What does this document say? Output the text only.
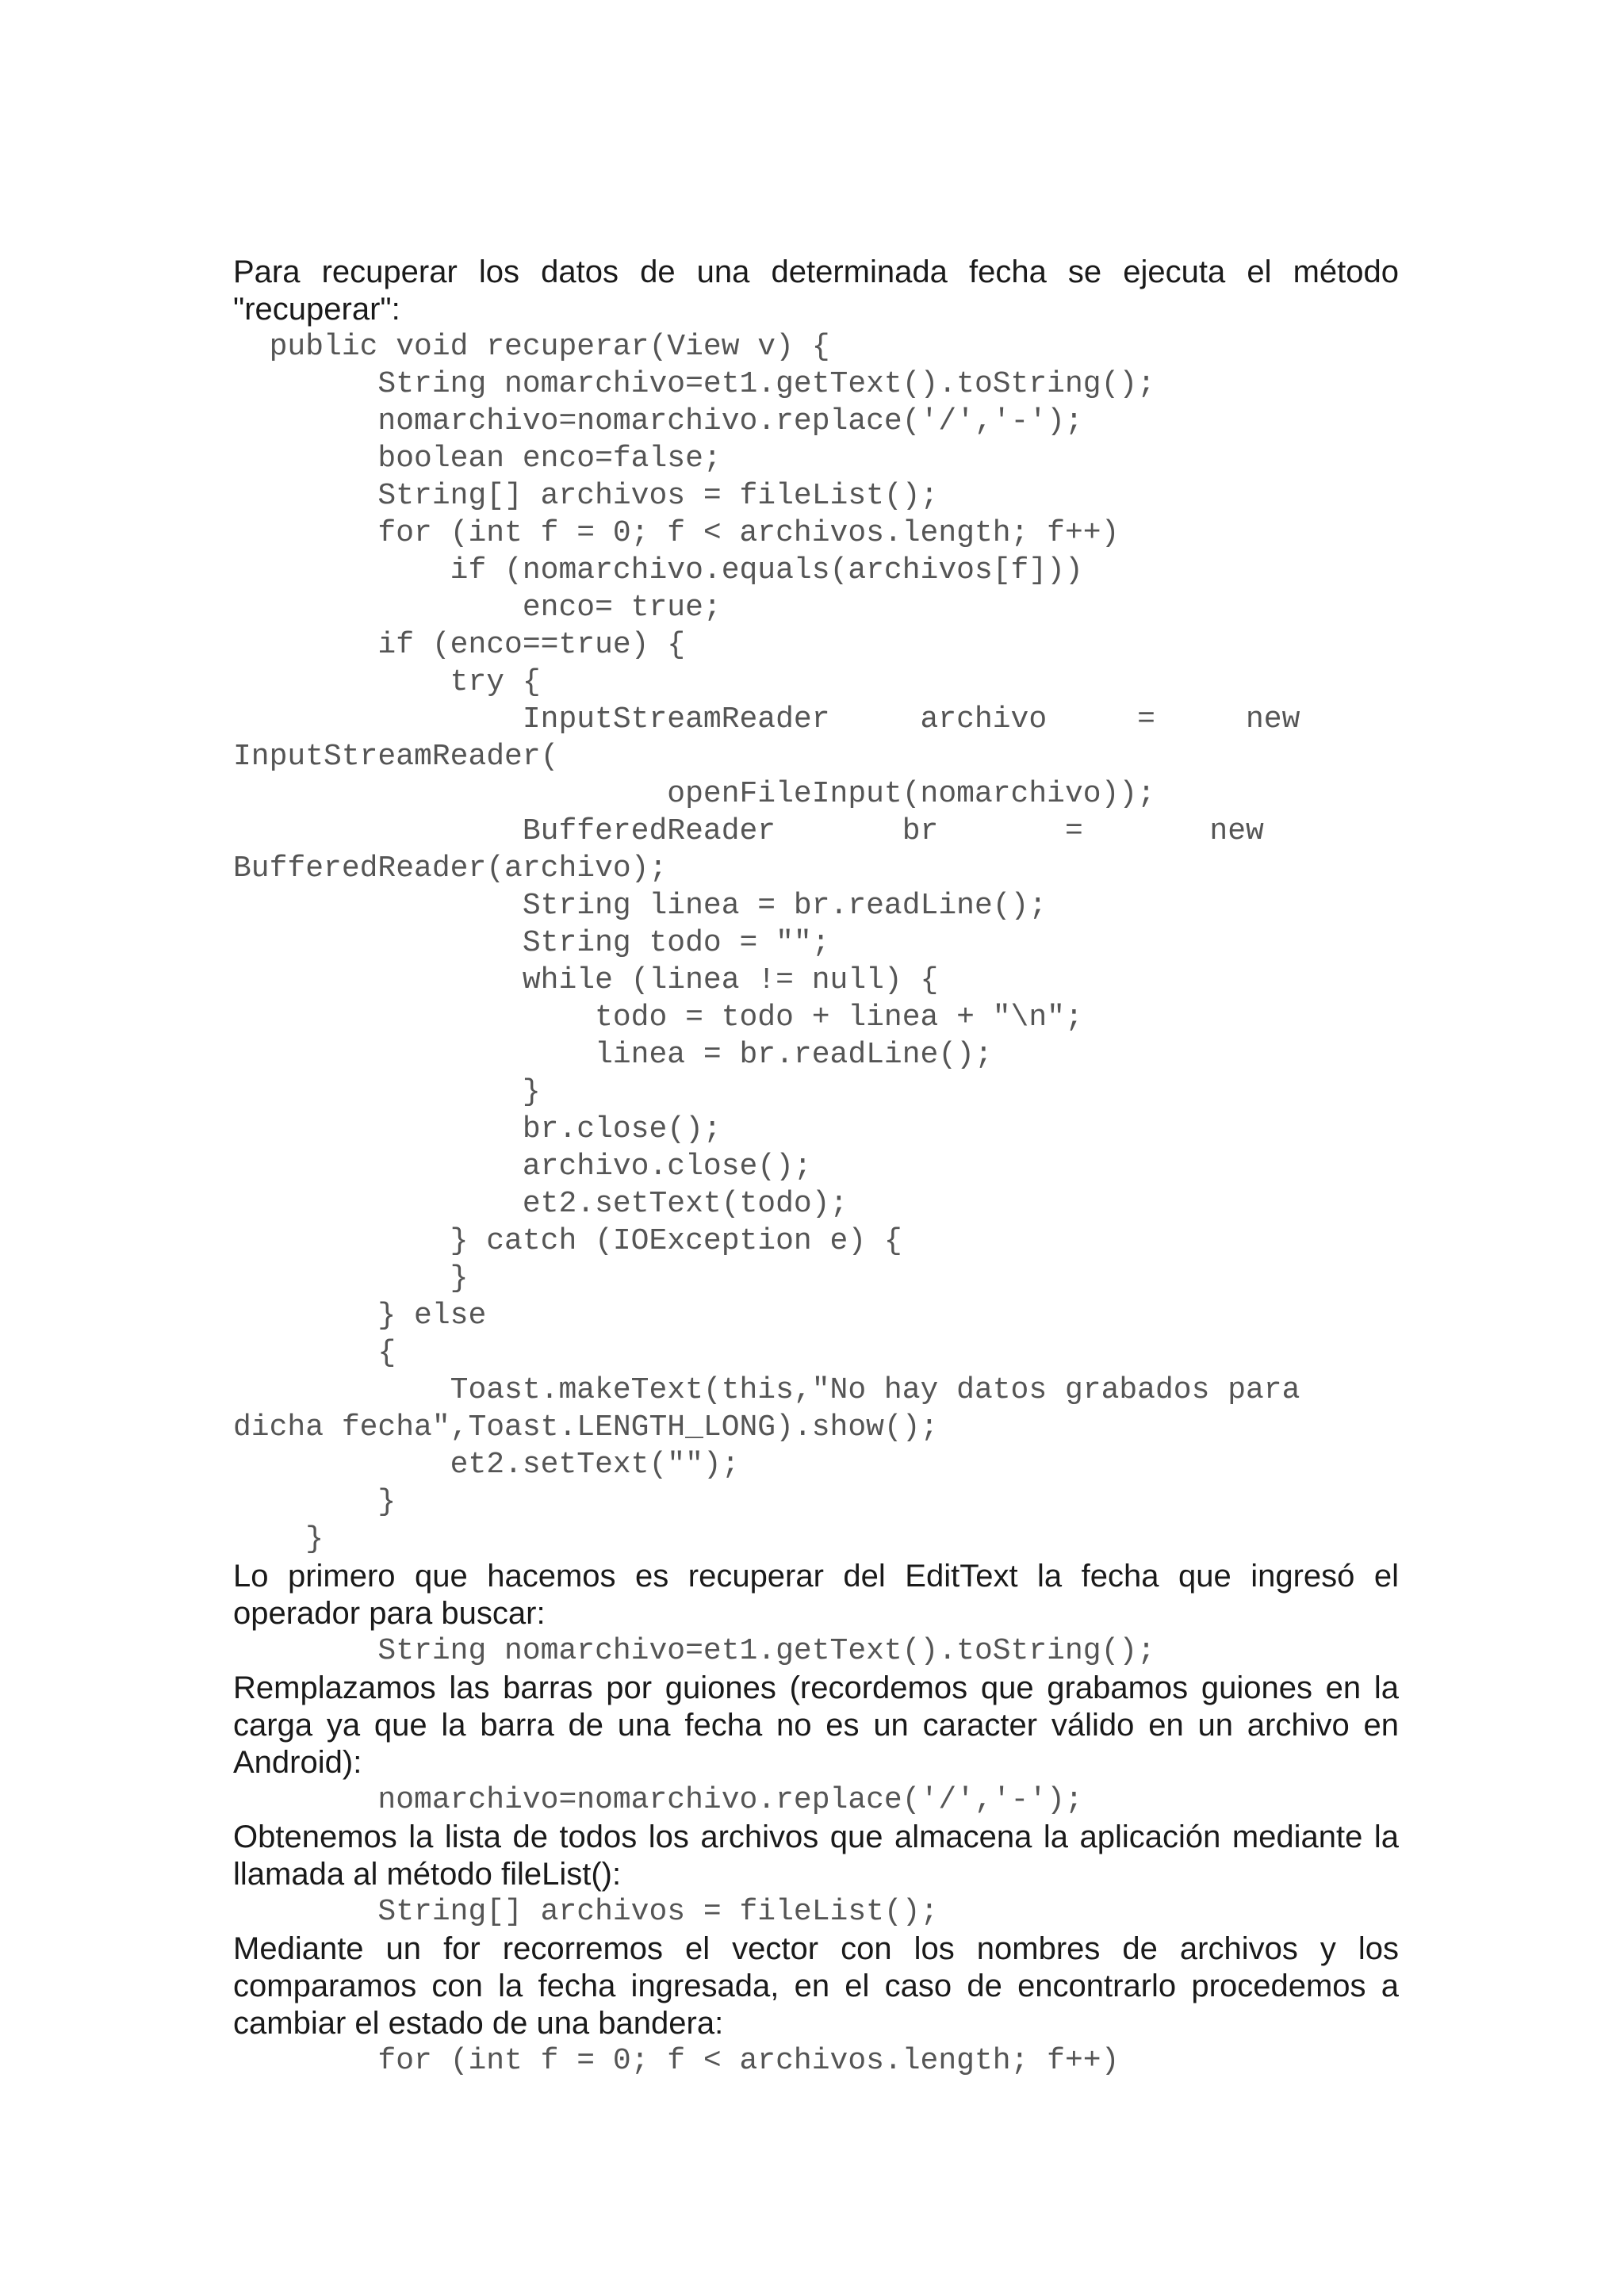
Para recuperar los datos de una determinada fecha se ejecuta el método "recuperar":

public void recuperar(View v) {
String nomarchivo=et1.getText().toString();
nomarchivo=nomarchivo.replace('/','-');
boolean enco=false;
String[] archivos = fileList();
for (int f = 0; f < archivos.length; f++)
if (nomarchivo.equals(archivos[f]))
enco= true;
if (enco==true) {
try {
InputStreamReader     archivo     =     new
InputStreamReader(
openFileInput(nomarchivo));
BufferedReader       br       =       new
BufferedReader(archivo);
String linea = br.readLine();
String todo = "";
while (linea != null) {
todo = todo + linea + "\n";
linea = br.readLine();
}
br.close();
archivo.close();
et2.setText(todo);
} catch (IOException e) {
}
} else
{
Toast.makeText(this,"No hay datos grabados para
dicha fecha",Toast.LENGTH_LONG).show();
et2.setText("");
}
}

Lo primero que hacemos es recuperar del EditText la fecha que ingresó el operador para buscar:

String nomarchivo=et1.getText().toString();

Remplazamos las barras por guiones (recordemos que grabamos guiones en la carga ya que la barra de una fecha no es un caracter válido en un archivo en Android):

nomarchivo=nomarchivo.replace('/','-');

Obtenemos la lista de todos los archivos que almacena la aplicación mediante la llamada al método fileList():

String[] archivos = fileList();

Mediante un for recorremos el vector con los nombres de archivos y los comparamos con la fecha ingresada, en el caso de encontrarlo procedemos a cambiar el estado de una bandera:

for (int f = 0; f < archivos.length; f++)
